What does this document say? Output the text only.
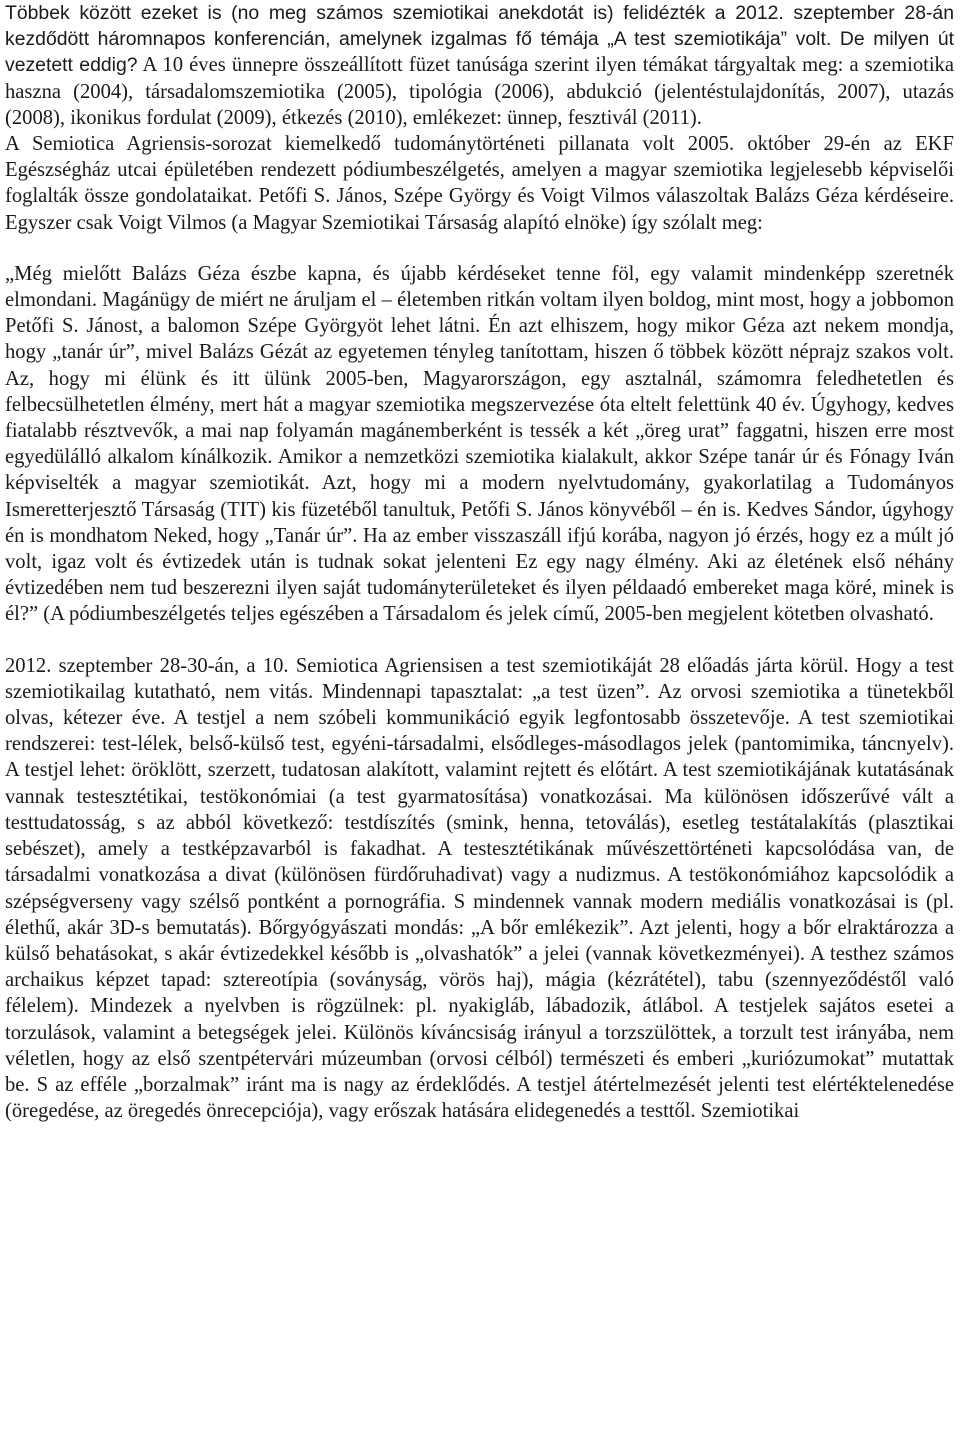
Többek között ezeket is (no meg számos szemiotikai anekdotát is) felidézték a 2012. szeptember 28-án kezdődött háromnapos konferencián, amelynek izgalmas fő témája „A test szemiotikája” volt. De milyen út vezetett eddig? A 10 éves ünnepre összeállított füzet tanúsága szerint ilyen témákat tárgyaltak meg: a szemiotika haszna (2004), társadalomszemiotika (2005), tipológia (2006), abdukció (jelentéstulajdonítás, 2007), utazás (2008), ikonikus fordulat (2009), étkezés (2010), emlékezet: ünnep, fesztivál (2011).

A Semiotica Agriensis-sorozat kiemelkedő tudománytörténeti pillanata volt 2005. október 29-én az EKF Egészségház utcai épületében rendezett pódiumbeszélgetés, amelyen a magyar szemiotika legjelesebb képviselői foglalták össze gondolataikat. Petőfi S. János, Szépe György és Voigt Vilmos válaszoltak Balázs Géza kérdéseire. Egyszer csak Voigt Vilmos (a Magyar Szemiotikai Társaság alapító elnöke) így szólalt meg:

„Még mielőtt Balázs Géza észbe kapna, és újabb kérdéseket tenne föl, egy valamit mindenképp szeretnék elmondani. Magánügy de miért ne áruljam el – életemben ritkán voltam ilyen boldog, mint most, hogy a jobbomon Petőfi S. Jánost, a balomon Szépe Györgyöt lehet látni. Én azt elhiszem, hogy mikor Géza azt nekem mondja, hogy „tanár úr”, mivel Balázs Gézát az egyetemen tényleg tanítottam, hiszen ő többek között néprajz szakos volt. Az, hogy mi élünk és itt ülünk 2005-ben, Magyarországon, egy asztalnál, számomra feledhetetlen és felbecsülhetetlen élmény, mert hát a magyar szemiotika megszervezése óta eltelt felettünk 40 év. Úgyhogy, kedves fiatalabb résztvevők, a mai nap folyamán magánemberként is tessék a két „öreg urat” faggatni, hiszen erre most egyedülálló alkalom kínálkozik. Amikor a nemzetközi szemiotika kialakult, akkor Szépe tanár úr és Fónagy Iván képviselték a magyar szemiotikát. Azt, hogy mi a modern nyelvtudomány, gyakorlatilag a Tudományos Ismeretterjesztő Társaság (TIT) kis füzetéből tanultuk, Petőfi S. János könyvéből – én is. Kedves Sándor, úgyhogy én is mondhatom Neked, hogy „Tanár úr”. Ha az ember visszaszáll ifjú korába, nagyon jó érzés, hogy ez a múlt jó volt, igaz volt és évtizedek után is tudnak sokat jelenteni Ez egy nagy élmény. Aki az életének első néhány évtizedében nem tud beszerezni ilyen saját tudományterületeket és ilyen példaadó embereket maga köré, minek is él?” (A pódiumbeszélgetés teljes egészében a Társadalom és jelek című, 2005-ben megjelent kötetben olvasható.

2012. szeptember 28-30-án, a 10. Semiotica Agriensisen a test szemiotikáját 28 előadás járta körül. Hogy a test szemiotikailag kutatható, nem vitás. Mindennapi tapasztalat: „a test üzen”. Az orvosi szemiotika a tünetekből olvas, kétezer éve. A testjel a nem szóbeli kommunikáció egyik legfontosabb összetevője. A test szemiotikai rendszerei: test-lélek, belső-külső test, egyéni-társadalmi, elsődleges-másodlagos jelek (pantomimika, táncnyelv). A testjel lehet: öröklött, szerzett, tudatosan alakított, valamint rejtett és előtárt. A test szemiotikájának kutatásának vannak testesztétikai, testökonómiai (a test gyarmatosítása) vonatkozásai. Ma különösen időszerűvé vált a testtudatosság, s az abból következő: testdíszítés (smink, henna, tetoválás), esetleg testátalakítás (plasztikai sebészet), amely a testképzavarból is fakadhat. A testesztétikának művészettörténeti kapcsolódása van, de társadalmi vonatkozása a divat (különösen fürdőruhadivat) vagy a nudizmus. A testökonómiához kapcsolódik a szépségverseny vagy szélső pontként a pornográfia. S mindennek vannak modern mediális vonatkozásai is (pl. élethű, akár 3D-s bemutatás). Bőrgyógyászati mondás: „A bőr emlékezik”. Azt jelenti, hogy a bőr elraktározza a külső behatásokat, s akár évtizedekkel később is „olvashatók” a jelei (vannak következményei). A testhez számos archaikus képzet tapad: sztereotípia (soványság, vörös haj), mágia (kézrátétel), tabu (szennyeződéstől való félelem). Mindezek a nyelvben is rögzülnek: pl. nyakigláb, lábadozik, átlábol. A testjelek sajátos esetei a torzulások, valamint a betegségek jelei. Különös kíváncsiság irányul a torzszülöttek, a torzult test irányába, nem véletlen, hogy az első szentpétervári múzeumban (orvosi célból) természeti és emberi „kuriózumokat” mutattak be. S az efféle „borzalmak” iránt ma is nagy az érdeklődés. A testjel átértelmezését jelenti test elértéktelenedése (öregedése, az öregedés önrecepciója), vagy erőszak hatására elidegenedés a testtől. Szemiotikai
